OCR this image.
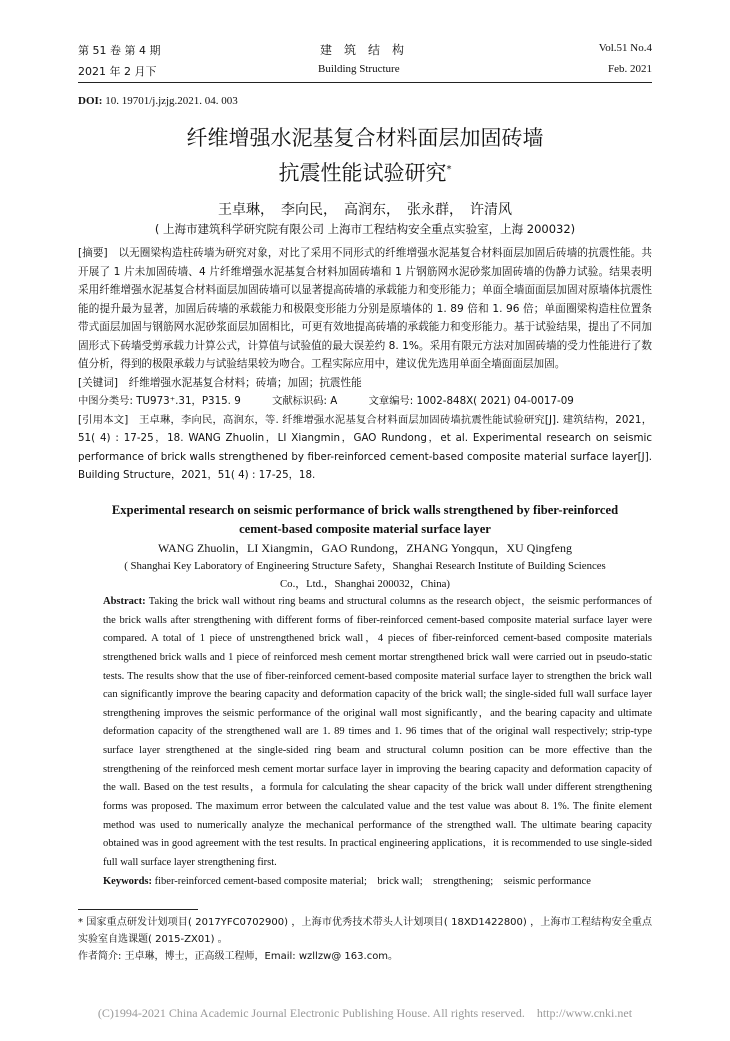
第 51 卷 第 4 期
2021 年 2 月下
建　筑　结　构
Building Structure
Vol.51 No.4
Feb. 2021
DOI: 10. 19701/j.jzjg.2021. 04. 003
纤维增强水泥基复合材料面层加固砖墙
抗震性能试验研究*
王卓琳，　李向民，　高润东，　张永群，　许清风
( 上海市建筑科学研究院有限公司 上海市工程结构安全重点实验室，上海 200032)
[摘要]　以无圈梁构造柱砖墙为研究对象，对比了采用不同形式的纤维增强水泥基复合材料面层加固后砖墙的抗震性能。共开展了 1 片未加固砖墙、4 片纤维增强水泥基复合材料加固砖墙和 1 片钢筋网水泥砂浆加固砖墙的伪静力试验。结果表明 采用纤维增强水泥基复合材料面层加固砖墙可以显著提高砖墙的承载能力和变形能力；单面全墙面面层加固对原墙体抗震性能的提升最为显著，加固后砖墙的承载能力和极限变形能力分别是原墙体的 1. 89 倍和 1. 96 倍；单面圈梁构造柱位置条带式面层加固与钢筋网水泥砂浆面层加固相比，可更有效地提高砖墙的承载能力和变形能力。基于试验结果，提出了不同加固形式下砖墙受剪承载力计算公式，计算值与试验值的最大误差约 8. 1%。采用有限元方法对加固砖墙的受力性能进行了数值分析，得到的极限承载力与试验结果较为吻合。工程实际应用中，建议优先选用单面全墙面面层加固。
[关键词]　纤维增强水泥基复合材料；砖墙；加固；抗震性能
中图分类号: TU973⁺.31，P315. 9	文献标识码: A	文章编号: 1002-848X( 2021) 04-0017-09
[引用本文]　王卓琳，李向民，高润东，等. 纤维增强水泥基复合材料面层加固砖墙抗震性能试验研究[J]. 建筑结构，2021，51( 4) : 17-25，18. WANG Zhuolin，LI Xiangmin，GAO Rundong，et al. Experimental research on seismic performance of brick walls strengthened by fiber-reinforced cement-based composite material surface layer[J]. Building Structure，2021，51( 4) : 17-25，18.
Experimental research on seismic performance of brick walls strengthened by fiber-reinforced
cement-based composite material surface layer
WANG Zhuolin，LI Xiangmin，GAO Rundong，ZHANG Yongqun，XU Qingfeng
( Shanghai Key Laboratory of Engineering Structure Safety，Shanghai Research Institute of Building Sciences
Co.，Ltd.，Shanghai 200032，China)
Abstract: Taking the brick wall without ring beams and structural columns as the research object，the seismic performances of the brick walls after strengthening with different forms of fiber-reinforced cement-based composite material surface layer were compared. A total of 1 piece of unstrengthened brick wall，4 pieces of fiber-reinforced cement-based composite materials strengthened brick walls and 1 piece of reinforced mesh cement mortar strengthened brick wall were carried out in pseudo-static tests. The results show that the use of fiber-reinforced cement-based composite material surface layer to strengthen the brick wall can significantly improve the bearing capacity and deformation capacity of the brick wall; the single-sided full wall surface layer strengthening improves the seismic performance of the original wall most significantly，and the bearing capacity and ultimate deformation capacity of the strengthened wall are 1. 89 times and 1. 96 times that of the original wall respectively; strip-type surface layer strengthened at the single-sided ring beam and structural column position can be more effective than the strengthening of the reinforced mesh cement mortar surface layer in improving the bearing capacity and deformation capacity of the wall. Based on the test results，a formula for calculating the shear capacity of the brick wall under different strengthening forms was proposed. The maximum error between the calculated value and the test value was about 8. 1%. The finite element method was used to numerically analyze the mechanical performance of the strengthed wall. The ultimate bearing capacity obtained was in good agreement with the test results. In practical engineering applications，it is recommended to use single-sided full wall surface layer strengthening first.
Keywords: fiber-reinforced cement-based composite material;　brick wall;　strengthening;　seismic performance
* 国家重点研发计划项目( 2017YFC0702900) ，上海市优秀技术带头人计划项目( 18XD1422800) ，上海市工程结构安全重点实验室自选课题( 2015-ZX01) 。
作者简介: 王卓琳，博士，正高级工程师，Email: wzllzw@ 163.com。
(C)1994-2021 China Academic Journal Electronic Publishing House. All rights reserved.　http://www.cnki.net
